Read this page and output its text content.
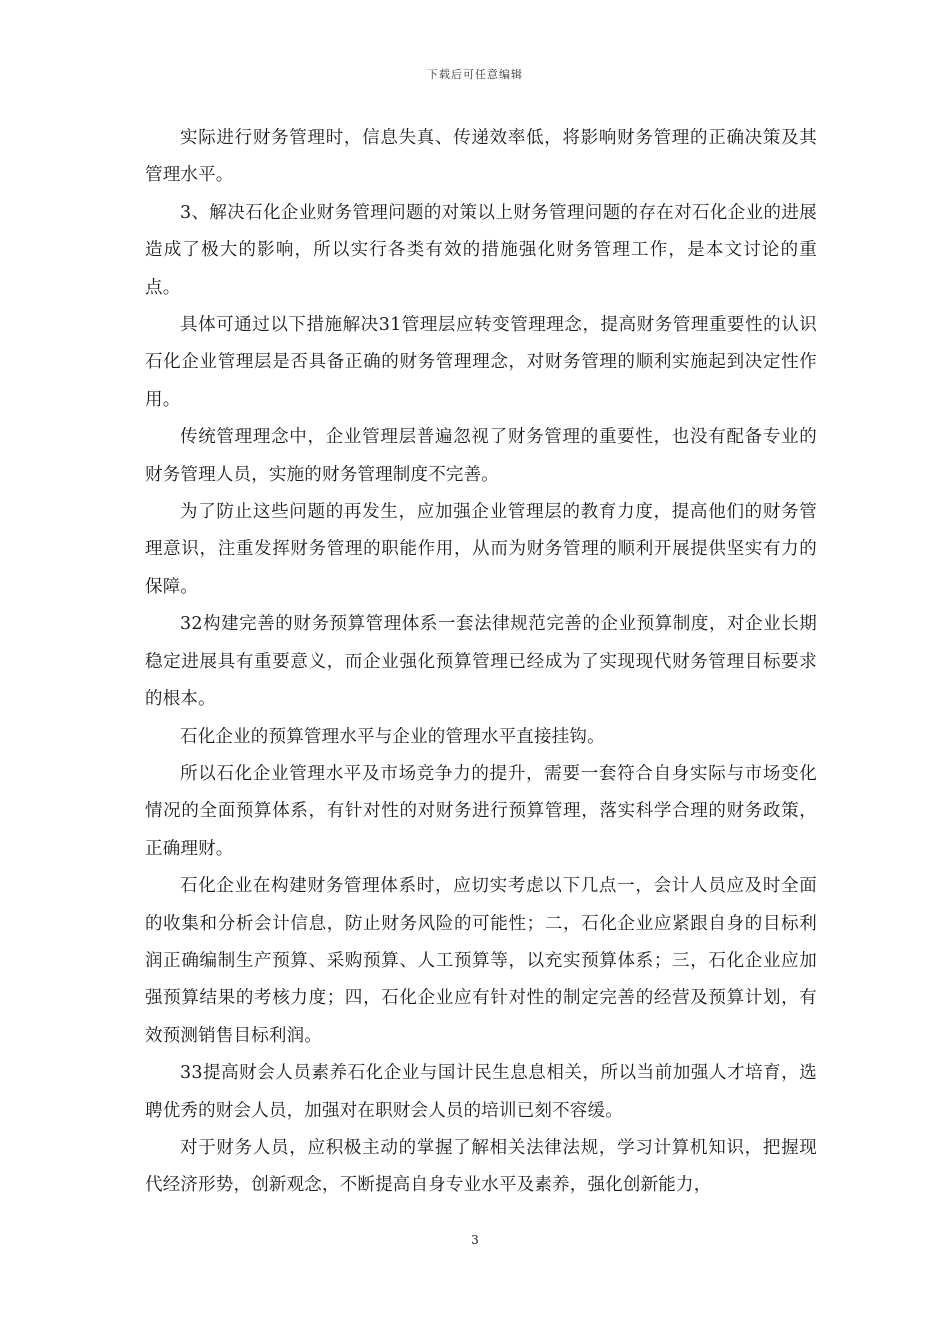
下载后可任意编辑

实际进行财务管理时，信息失真、传递效率低，将影响财务管理的正确决策及其管理水平。

3、解决石化企业财务管理问题的对策以上财务管理问题的存在对石化企业的进展造成了极大的影响，所以实行各类有效的措施强化财务管理工作，是本文讨论的重点。

具体可通过以下措施解决31管理层应转变管理理念，提高财务管理重要性的认识石化企业管理层是否具备正确的财务管理理念，对财务管理的顺利实施起到决定性作用。

传统管理理念中，企业管理层普遍忽视了财务管理的重要性，也没有配备专业的财务管理人员，实施的财务管理制度不完善。

为了防止这些问题的再发生，应加强企业管理层的教育力度，提高他们的财务管理意识，注重发挥财务管理的职能作用，从而为财务管理的顺利开展提供坚实有力的保障。

32构建完善的财务预算管理体系一套法律规范完善的企业预算制度，对企业长期稳定进展具有重要意义，而企业强化预算管理已经成为了实现现代财务管理目标要求的根本。

石化企业的预算管理水平与企业的管理水平直接挂钩。

所以石化企业管理水平及市场竞争力的提升，需要一套符合自身实际与市场变化情况的全面预算体系，有针对性的对财务进行预算管理，落实科学合理的财务政策，正确理财。

石化企业在构建财务管理体系时，应切实考虑以下几点一，会计人员应及时全面的收集和分析会计信息，防止财务风险的可能性；二，石化企业应紧跟自身的目标利润正确编制生产预算、采购预算、人工预算等，以充实预算体系；三，石化企业应加强预算结果的考核力度；四，石化企业应有针对性的制定完善的经营及预算计划，有效预测销售目标利润。

33提高财会人员素养石化企业与国计民生息息相关，所以当前加强人才培育，选聘优秀的财会人员，加强对在职财会人员的培训已刻不容缓。

对于财务人员，应积极主动的掌握了解相关法律法规，学习计算机知识，把握现代经济形势，创新观念，不断提高自身专业水平及素养，强化创新能力，

3
